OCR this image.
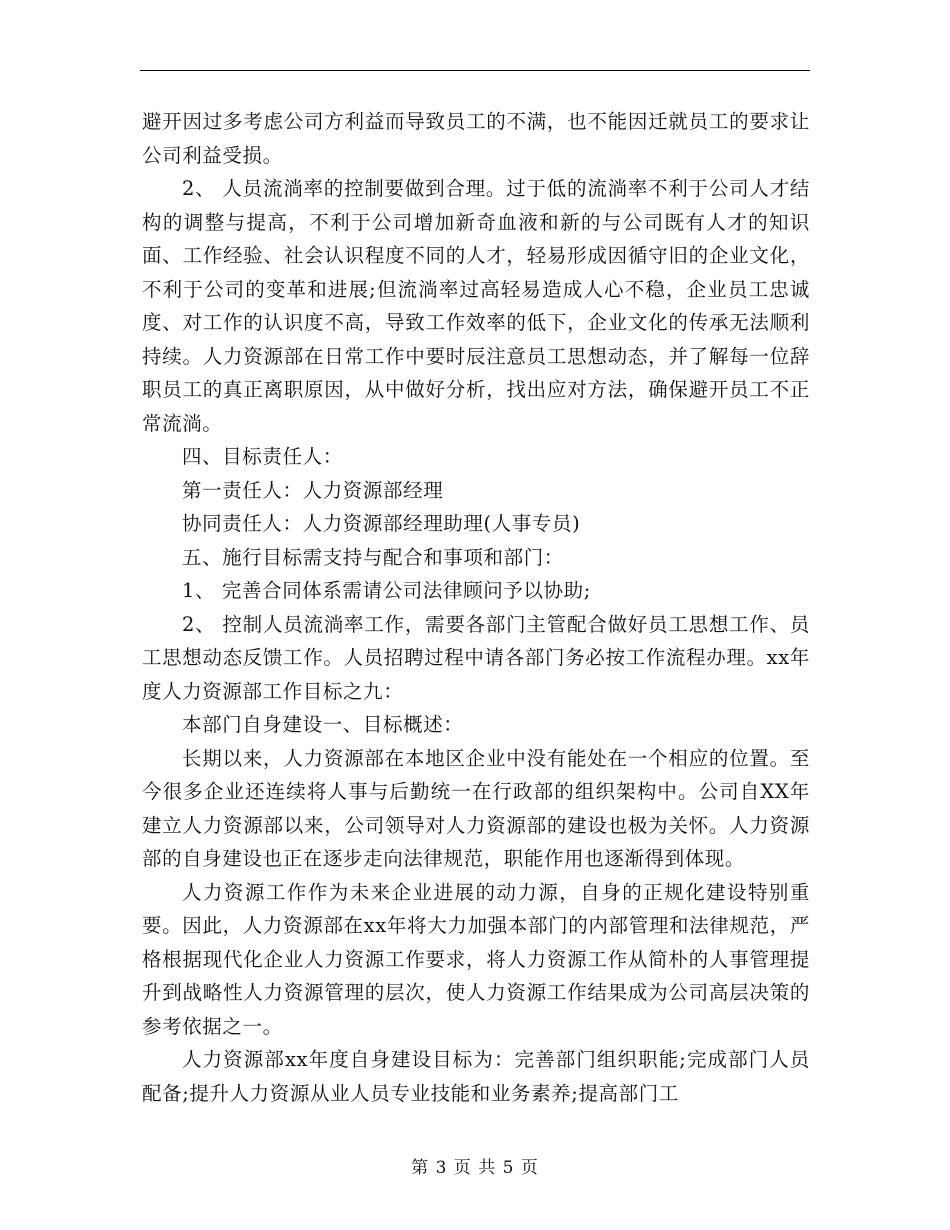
避开因过多考虑公司方利益而导致员工的不满，也不能因迁就员工的要求让公司利益受损。

2、 人员流淌率的控制要做到合理。过于低的流淌率不利于公司人才结构的调整与提高，不利于公司增加新奇血液和新的与公司既有人才的知识面、工作经验、社会认识程度不同的人才，轻易形成因循守旧的企业文化，不利于公司的变革和进展;但流淌率过高轻易造成人心不稳，企业员工忠诚度、对工作的认识度不高，导致工作效率的低下，企业文化的传承无法顺利持续。人力资源部在日常工作中要时辰注意员工思想动态，并了解每一位辞职员工的真正离职原因，从中做好分析，找出应对方法，确保避开员工不正常流淌。

四、目标责任人：

第一责任人：人力资源部经理

协同责任人：人力资源部经理助理(人事专员)

五、施行目标需支持与配合和事项和部门：

1、 完善合同体系需请公司法律顾问予以协助;

2、 控制人员流淌率工作，需要各部门主管配合做好员工思想工作、员工思想动态反馈工作。人员招聘过程中请各部门务必按工作流程办理。xx年度人力资源部工作目标之九：

本部门自身建设一、目标概述：

长期以来，人力资源部在本地区企业中没有能处在一个相应的位置。至今很多企业还连续将人事与后勤统一在行政部的组织架构中。公司自XX年建立人力资源部以来，公司领导对人力资源部的建设也极为关怀。人力资源部的自身建设也正在逐步走向法律规范，职能作用也逐渐得到体现。

人力资源工作作为未来企业进展的动力源，自身的正规化建设特别重要。因此，人力资源部在xx年将大力加强本部门的内部管理和法律规范，严格根据现代化企业人力资源工作要求，将人力资源工作从简朴的人事管理提升到战略性人力资源管理的层次，使人力资源工作结果成为公司高层决策的参考依据之一。

人力资源部xx年度自身建设目标为：完善部门组织职能;完成部门人员配备;提升人力资源从业人员专业技能和业务素养;提高部门工

第 3 页 共 5 页
